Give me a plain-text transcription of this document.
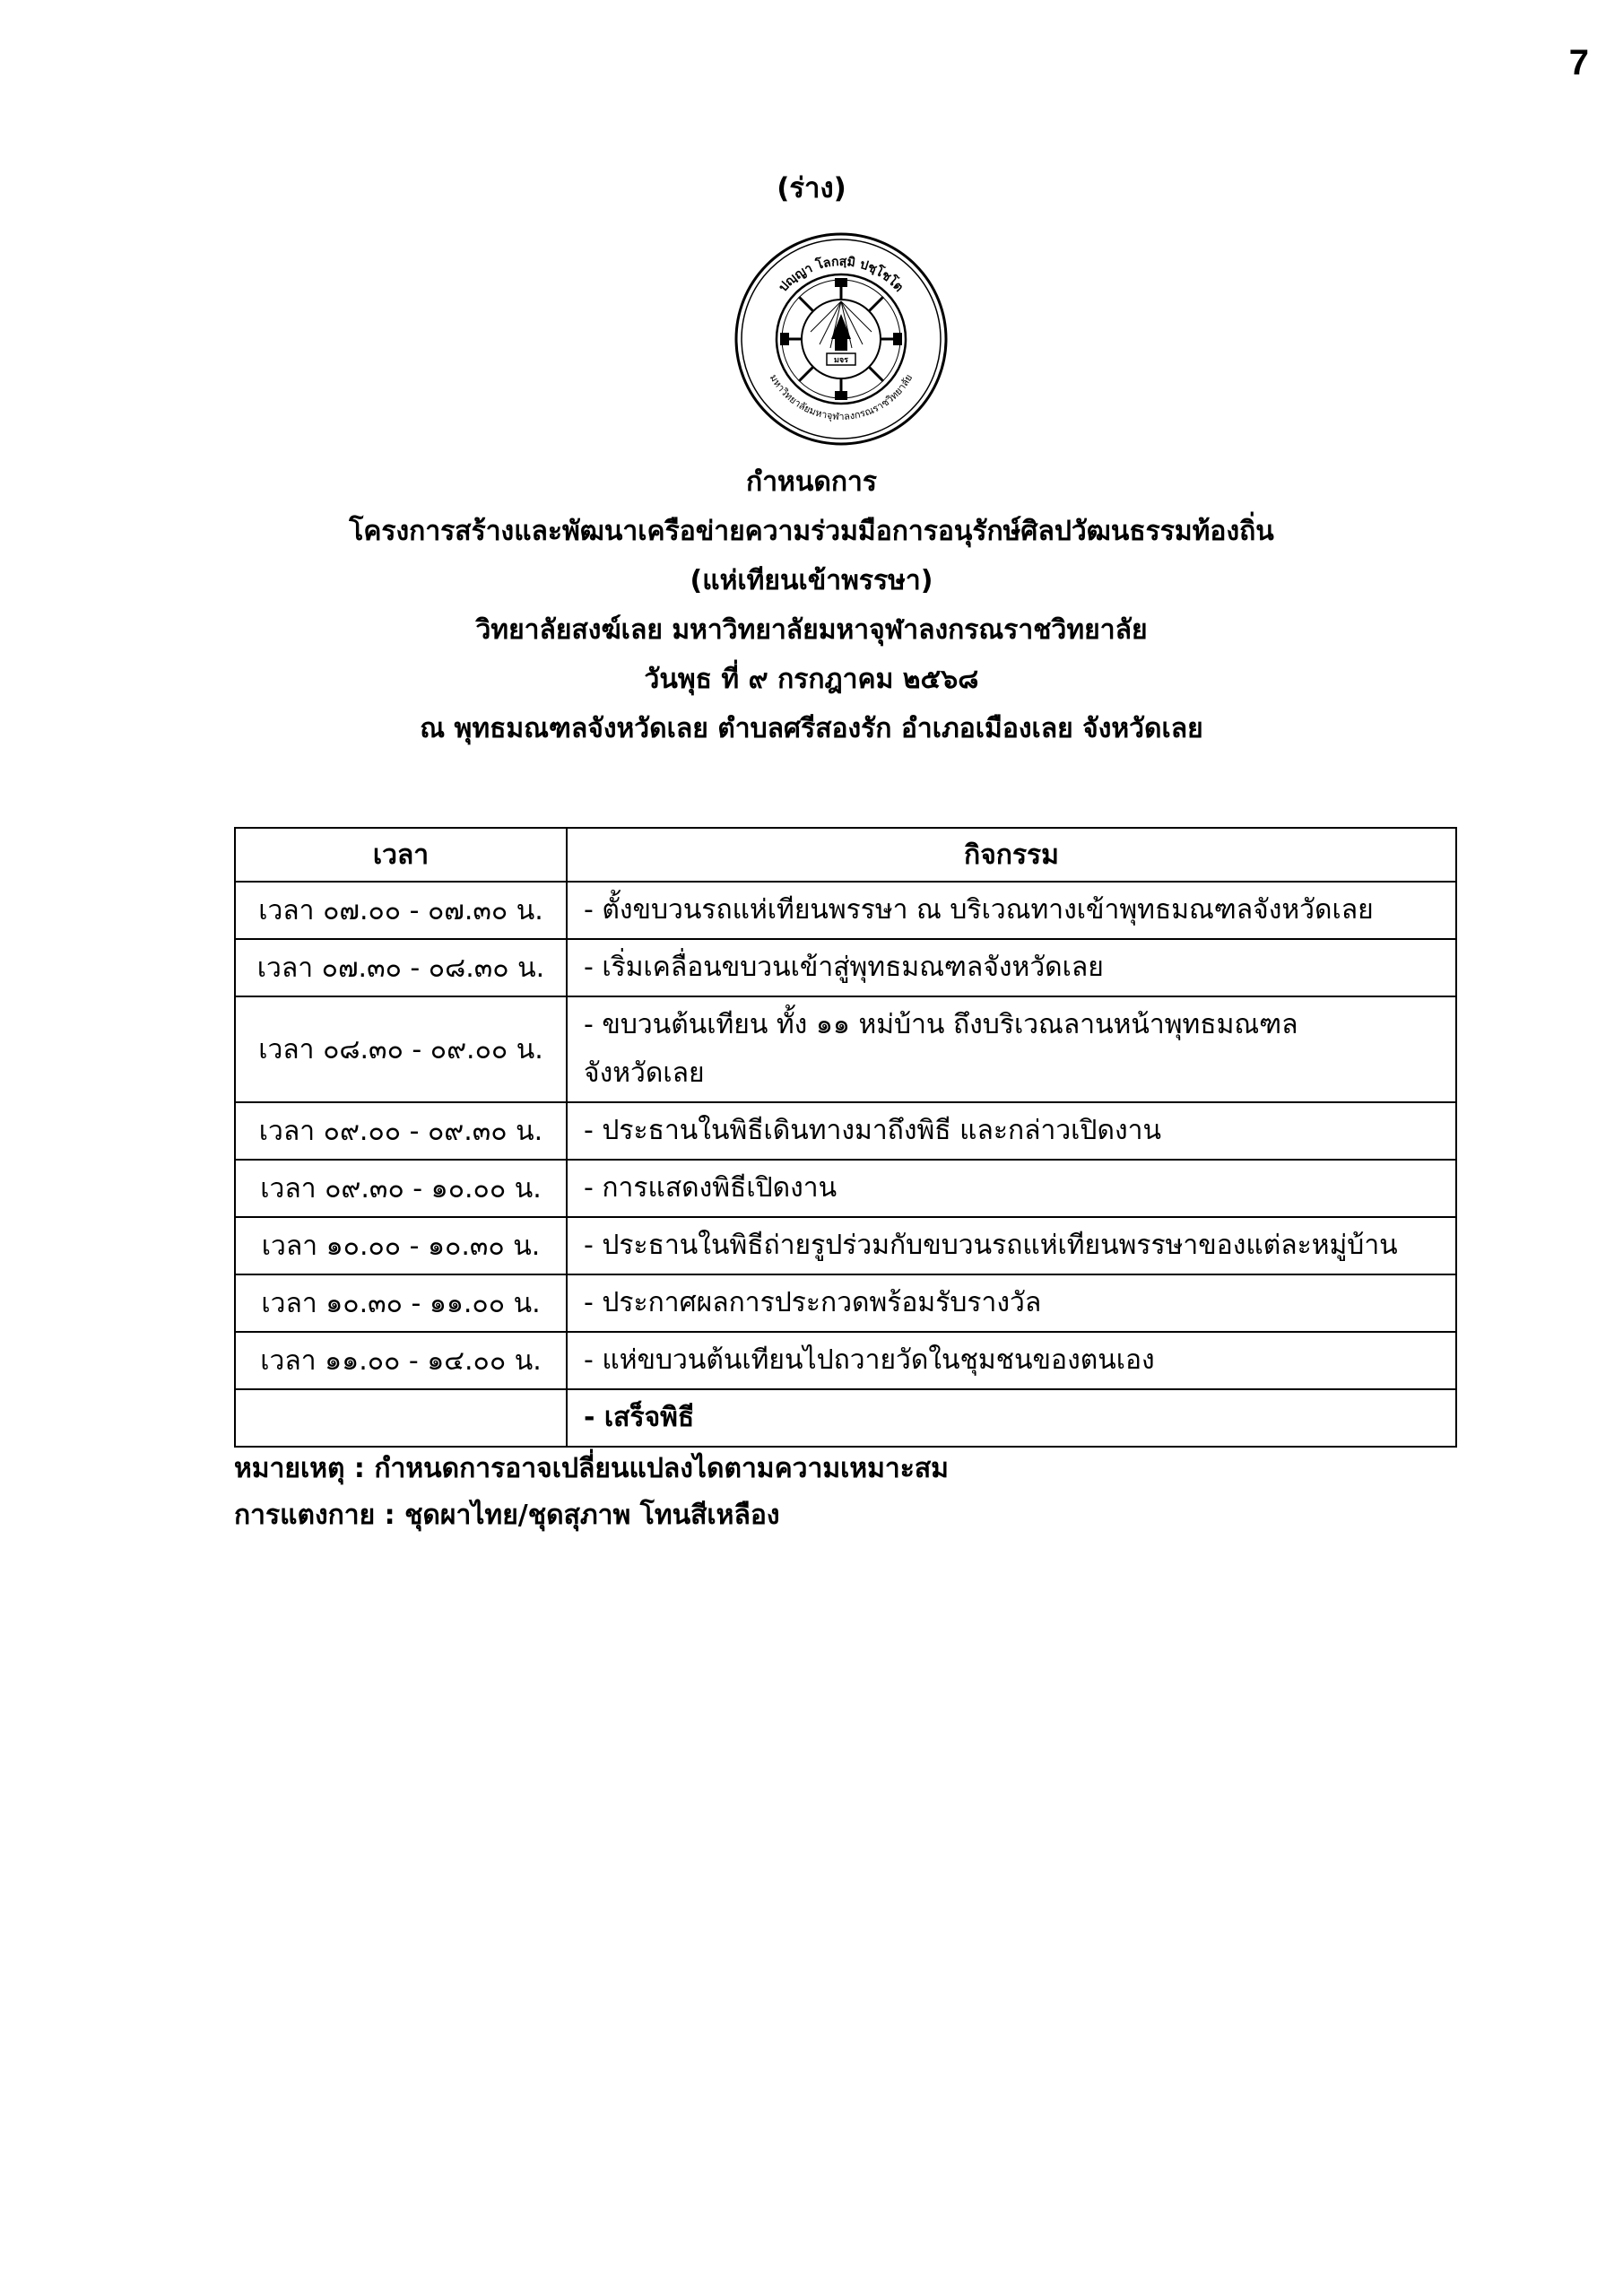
7
(ร่าง)
ปญฺญา โลกสฺมิ ปชฺโชโต
มหาวิทยาลัยมหาจุฬาลงกรณราชวิทยาลัย
มจร
กำหนดการ
โครงการสร้างและพัฒนาเครือข่ายความร่วมมือการอนุรักษ์ศิลปวัฒนธรรมท้องถิ่น
(แห่เทียนเข้าพรรษา)
วิทยาลัยสงฆ์เลย มหาวิทยาลัยมหาจุฬาลงกรณราชวิทยาลัย
วันพุธ ที่ ๙ กรกฎาคม ๒๕๖๘
ณ พุทธมณฑลจังหวัดเลย ตำบลศรีสองรัก อำเภอเมืองเลย จังหวัดเลย
เวลา	กิจกรรม
เวลา ๐๗.๐๐ - ๐๗.๓๐ น.	- ตั้งขบวนรถแห่เทียนพรรษา ณ บริเวณทางเข้าพุทธมณฑลจังหวัดเลย
เวลา ๐๗.๓๐ - ๐๘.๓๐ น.	- เริ่มเคลื่อนขบวนเข้าสู่พุทธมณฑลจังหวัดเลย
เวลา ๐๘.๓๐ - ๐๙.๐๐ น.	- ขบวนต้นเทียน ทั้ง ๑๑ หม่บ้าน ถึงบริเวณลานหน้าพุทธมณฑล
จังหวัดเลย

เวลา ๐๙.๐๐ - ๐๙.๓๐ น.	- ประธานในพิธีเดินทางมาถึงพิธี และกล่าวเปิดงาน
เวลา ๐๙.๓๐ - ๑๐.๐๐ น.	- การแสดงพิธีเปิดงาน
เวลา ๑๐.๐๐ - ๑๐.๓๐ น.	- ประธานในพิธีถ่ายรูปร่วมกับขบวนรถแห่เทียนพรรษาของแต่ละหมู่บ้าน
เวลา ๑๐.๓๐ - ๑๑.๐๐ น.	- ประกาศผลการประกวดพร้อมรับรางวัล
เวลา ๑๑.๐๐ - ๑๔.๐๐ น.	- แห่ขบวนต้นเทียนไปถวายวัดในชุมชนของตนเอง
	- เสร็จพิธี
หมายเหตุ : กำหนดการอาจเปลี่ยนแปลงไดตามความเหมาะสม
การแตงกาย : ชุดผาไทย/ชุดสุภาพ โทนสีเหลือง
